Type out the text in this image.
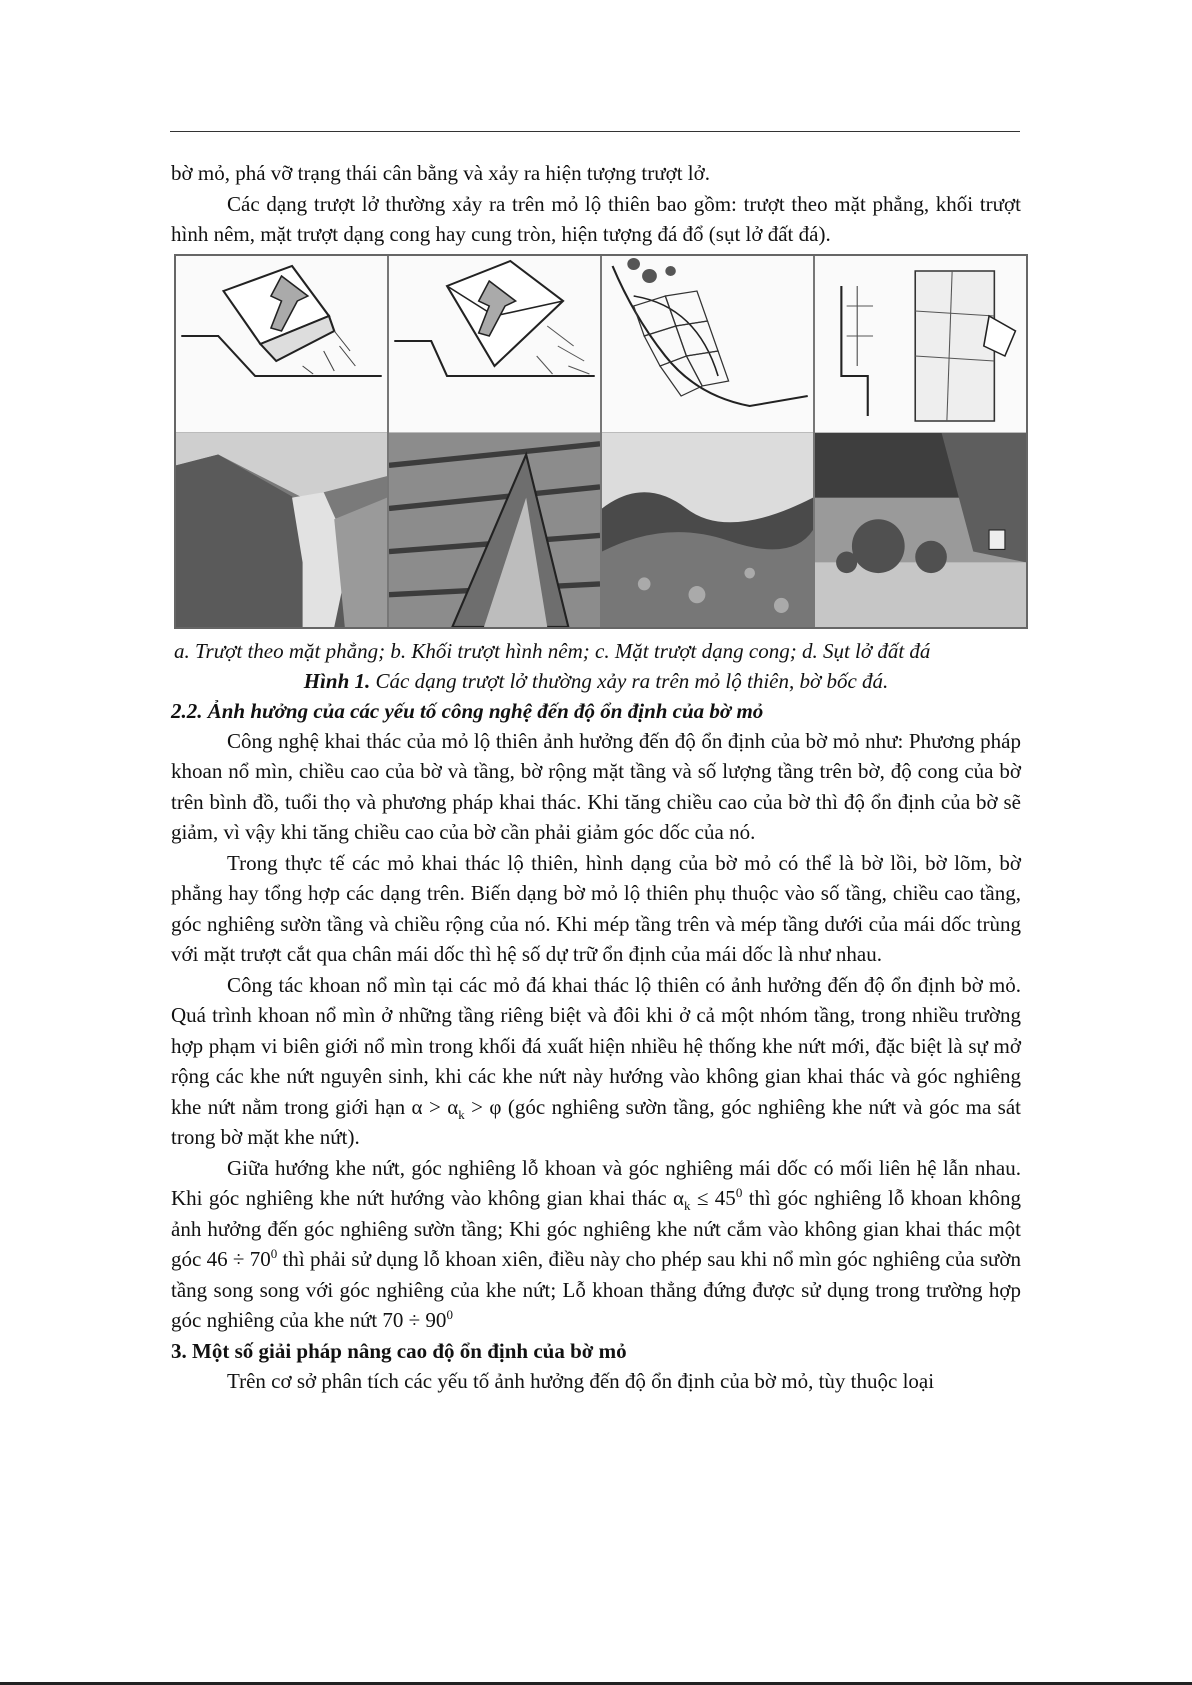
bờ mỏ, phá vỡ trạng thái cân bằng và xảy ra hiện tượng trượt lở.

Các dạng trượt lở thường xảy ra trên mỏ lộ thiên bao gồm: trượt theo mặt phẳng, khối trượt hình nêm, mặt trượt dạng cong hay cung tròn, hiện tượng đá đổ (sụt lở đất đá).

a. Trượt theo mặt phẳng; b. Khối trượt hình nêm; c. Mặt trượt dạng cong; d. Sụt lở đất đá

Hình 1. Các dạng trượt lở thường xảy ra trên mỏ lộ thiên, bờ bốc đá.

2.2. Ảnh hưởng của các yếu tố công nghệ đến độ ổn định của bờ mỏ

Công nghệ khai thác của mỏ lộ thiên ảnh hưởng đến độ ổn định của bờ mỏ như: Phương pháp khoan nổ mìn, chiều cao của bờ và tầng, bờ rộng mặt tầng và số lượng tầng trên bờ, độ cong của bờ trên bình đồ, tuổi thọ và phương pháp khai thác. Khi tăng chiều cao của bờ thì độ ổn định của bờ sẽ giảm, vì vậy khi tăng chiều cao của bờ cần phải giảm góc dốc của nó.

Trong thực tế các mỏ khai thác lộ thiên, hình dạng của bờ mỏ có thể là bờ lồi, bờ lõm, bờ phẳng hay tổng hợp các dạng trên. Biến dạng bờ mỏ lộ thiên phụ thuộc vào số tầng, chiều cao tầng, góc nghiêng sườn tầng và chiều rộng của nó. Khi mép tầng trên và mép tầng dưới của mái dốc trùng với mặt trượt cắt qua chân mái dốc thì hệ số dự trữ ổn định của mái dốc là như nhau.

Công tác khoan nổ mìn tại các mỏ đá khai thác lộ thiên có ảnh hưởng đến độ ổn định bờ mỏ. Quá trình khoan nổ mìn ở những tầng riêng biệt và đôi khi ở cả một nhóm tầng, trong nhiều trường hợp phạm vi biên giới nổ mìn trong khối đá xuất hiện nhiều hệ thống khe nứt mới, đặc biệt là sự mở rộng các khe nứt nguyên sinh, khi các khe nứt này hướng vào không gian khai thác và góc nghiêng khe nứt nằm trong giới hạn $\alpha > \alpha_k > \varphi$ (góc nghiêng sườn tầng, góc nghiêng khe nứt và góc ma sát trong bờ mặt khe nứt).

Giữa hướng khe nứt, góc nghiêng lỗ khoan và góc nghiêng mái dốc có mối liên hệ lẫn nhau. Khi góc nghiêng khe nứt hướng vào không gian khai thác $\alpha_k \le 45^0$ thì góc nghiêng lỗ khoan không ảnh hưởng đến góc nghiêng sườn tầng; Khi góc nghiêng khe nứt cắm vào không gian khai thác một góc $46 \div 70^0$ thì phải sử dụng lỗ khoan xiên, điều này cho phép sau khi nổ mìn góc nghiêng của sườn tầng song song với góc nghiêng của khe nứt; Lỗ khoan thẳng đứng được sử dụng trong trường hợp góc nghiêng của khe nứt $70 \div 90^0$

3. Một số giải pháp nâng cao độ ổn định của bờ mỏ

Trên cơ sở phân tích các yếu tố ảnh hưởng đến độ ổn định của bờ mỏ, tùy thuộc loại
